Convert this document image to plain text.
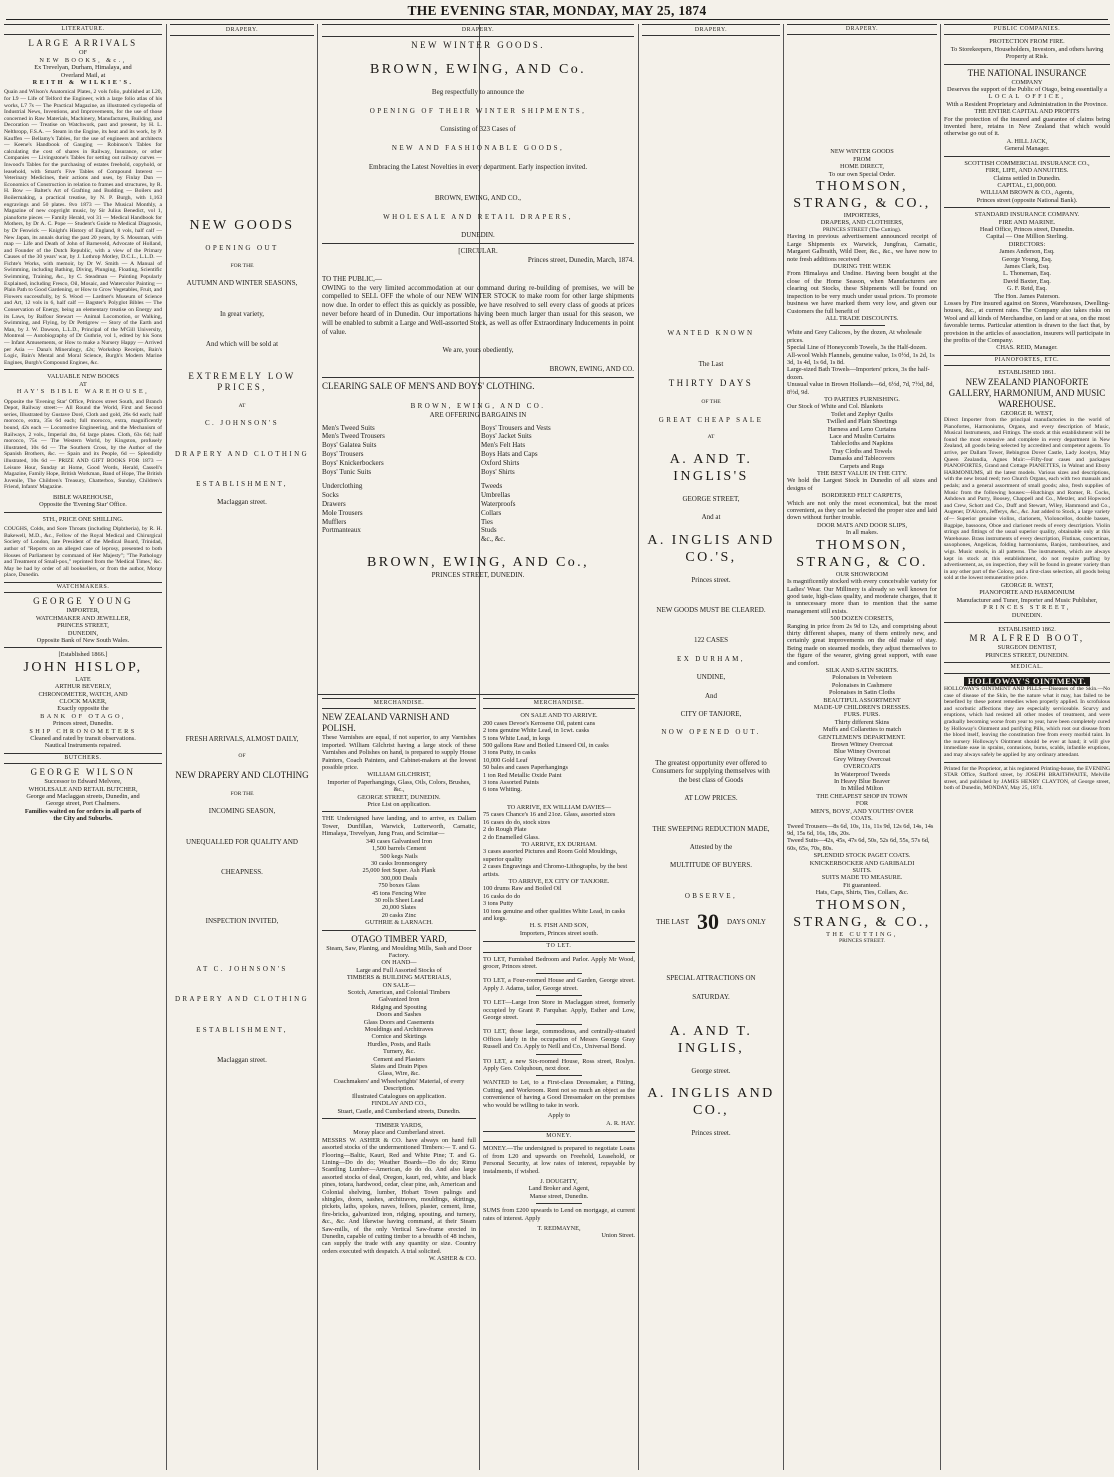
THE EVENING STAR, MONDAY, MAY 25, 1874
LITERATURE.
LARGE ARRIVALS
OF
NEW BOOKS, &c.,
Ex Trevelyan, Durham, Himalaya, and
Overland Mail, at
REITH & WILKIE'S.
Quain and Wilson's Anatomical Plates, 2 vols folio, published at L20, for L9 — Life of Telford the Engineer, with a large folio atlas of his works, L7 7s — The Practical Magazine, an illustrated cyclopedia of Industrial News, Inventions, and Improvements, for the use of those concerned in Raw Materials, Machinery, Manufactures, Building, and Decoration — Treatise on Watchwork, past and present, by H. L. Nelthropp, F.S.A. — Steam in the Engine, its heat and its work, by P. Kauffen — Bellamy's Tables, for the use of engineers and architects — Keene's Handbook of Gauging — Robinson's Tables for calculating the cost of shares in Railway, Insurance, or other Companies — Livingstone's Tables for setting out railway curves — Inwood's Tables for the purchasing of estates freehold, copyhold, or leasehold, with Smart's Five Tables of Compound Interest — Veterinary Medicines, their actions and uses, by Finlay Dun — Economics of Construction in relation to frames and structures, by R. H. Bow — Baltet's Art of Grafting and Budding — Boilers and Boilermaking, a practical treatise, by N. P. Burgh, with 1,163 engravings and 50 plates. 8vo 1873 — The Musical Monthly, a Magazine of new copyright music, by Sir Julius Benedict, vol 1, pianoforte pieces — Family Herald, vol 31 — Medical Handbook for Mothers, by Dr A. C. Pope — Student's Guide to Medical Diagnosis, by Dr Fenwick — Knight's History of England, 8 vols, half calf — New Japan, its annals during the past 20 years, by S. Mossman, with map — Life and Death of John of Barneveld, Advocate of Holland, and Founder of the Dutch Republic, with a view of the Primary Causes of the 30 years' war, by J. Lothrop Motley, D.C.L., L.L.D. — Fichte's Works, with memoir, by Dr W. Smith — A Manual of Swimming, including Bathing, Diving, Plunging, Floating, Scientific Swimming, Training, &c., by C. Steadman — Painting Popularly Explained, including Fresco, Oil, Mosaic, and Watercolor Painting — Plain Path to Good Gardening, or How to Grow Vegetables, Fruit, and Flowers successfully, by S. Wood — Lardner's Museum of Science and Art, 12 vols in 6, half calf — Bagster's Polyglot Bibles — The Conservation of Energy, being an elementary treatise on Energy and its Laws, by Balfour Stewart — Animal Locomotion, or Walking, Swimming, and Flying, by Dr Pettigrew — Story of the Earth and Man, by J. W. Dawson, L.L.D., Principal of the M'Gill University, Montreal — Autobiography of Dr Guthrie, vol 1, edited by his Sons — Infant Amusements, or How to make a Nursery Happy — Arrived per Asia — Dana's Mineralogy, 42s; Workshop Receipts, Bain's Logic, Bain's Mental and Moral Science, Burgh's Modern Marine Engines, Burgh's Compound Engines, &c.
VALUABLE NEW BOOKS
AT
HAY'S BIBLE WAREHOUSE,
Opposite the 'Evening Star' Office, Princes street South, and Branch Depot, Railway street:— All Round the World, First and Second series, Illustrated by Gustave Doré, Cloth and gold, 26s 6d each; half morocco, extra, 35s 6d each; full morocco, extra, magnificently bound, 42s each — Locomotive Engineering, and the Mechanism of Railways, 2 vols., Imperial 4to, 64 large plates. Cloth, 63s 6d; half morocco, 75s — The Western World, by Kingston, profusely illustrated, 10s 6d — The Southern Cross, by the Author of the Spanish Brothers, &c. — Spain and its People, 6d — Splendidly illustrated, 10s 6d — PRIZE AND GIFT BOOKS FOR 1873 — Leisure Hour, Sunday at Home, Good Words, Herald, Cassell's Magazine, Family Hope, British Workman, Band of Hope, The British Juvenile, The Children's Treasury, Chatterbox, Sunday, Children's Friend, Infants' Magazine.
BIBLE WAREHOUSE,
Opposite the 'Evening Star' Office.
5TH., PRICE ONE SHILLING.
COUGHS, Colds, and Sore Throats (including Diphtheria), by R. H. Bakewell, M.D., &c., Fellow of the Royal Medical and Chirurgical Society of London, late President of the Medical Board, Trinidad, author of "Reports on an alleged case of leprosy, presented to both Houses of Parliament by command of Her Majesty"; "The Pathology and Treatment of Small-pox," reprinted from the 'Medical Times,' &c. May be had by order of all booksellers, or from the author, Moray place, Dunedin.
WATCHMAKERS.
GEORGE YOUNG
IMPORTER,
WATCHMAKER AND JEWELLER,
PRINCES STREET,
DUNEDIN,
Opposite Bank of New South Wales.
[Established 1866.]
JOHN HISLOP,
LATE
ARTHUR BEVERLY,
CHRONOMETER, WATCH, AND
CLOCK MAKER,
Exactly opposite the
BANK OF OTAGO,
Princes street, Dunedin.
SHIP CHRONOMETERS
Cleaned and rated by transit observations.
Nautical Instruments repaired.
BUTCHERS.
GEORGE WILSON
Successor to Edward Melvore,
WHOLESALE AND RETAIL BUTCHER,
George and Maclaggan streets, Dunedin, and
George street, Port Chalmers.
Families waited on for orders in all parts of
the City and Suburbs.
DRAPERY.
NEW GOODS
OPENING OUT
FOR THE
AUTUMN AND WINTER SEASONS,
In great variety,
And which will be sold at
EXTREMELY LOW PRICES,
AT
C. JOHNSON'S
DRAPERY AND CLOTHING
ESTABLISHMENT,
Maclaggan street.
FRESH ARRIVALS, ALMOST DAILY,
OF
NEW DRAPERY AND CLOTHING
FOR THE
INCOMING SEASON,
UNEQUALLED FOR QUALITY AND
CHEAPNESS.
INSPECTION INVITED,
AT C. JOHNSON'S
DRAPERY AND CLOTHING
ESTABLISHMENT,
Maclaggan street.
DRAPERY.
NEW WINTER GOODS.
BROWN, EWING, AND Co.
Beg respectfully to announce the
OPENING OF THEIR WINTER SHIPMENTS,
Consisting of 323 Cases of
NEW AND FASHIONABLE GOODS,
Embracing the Latest Novelties in every department. Early inspection invited.
BROWN, EWING, AND CO.,
WHOLESALE AND RETAIL DRAPERS,
DUNEDIN.
[CIRCULAR.
Princes street, Dunedin, March, 1874.
TO THE PUBLIC,—
OWING to the very limited accommodation at our command during re-building of premises, we will be compelled to SELL OFF the whole of our NEW WINTER STOCK to make room for other large shipments now due. In order to effect this as quickly as possible, we have resolved to sell every class of goods at prices never before heard of in Dunedin. Our importations having been much larger than usual for this season, we will be enabled to submit a Large and Well-assorted Stock, as well as offer Extraordinary Inducements in point of value.
We are, yours obediently,
BROWN, EWING, AND CO.
CLEARING SALE OF MEN'S AND BOYS' CLOTHING.
BROWN, EWING, AND CO.
ARE OFFERING BARGAINS IN
Men's Tweed Suits
Men's Tweed Trousers
Boys' Galatea Suits
Boys' Trousers
Boys' Knickerbockers
Boys' Tunic Suits
Underclothing
Socks
Drawers
Mole Trousers
Mufflers
Portmanteaux
Boys' Trousers and Vests
Boys' Jacket Suits
Men's Felt Hats
Boys Hats and Caps
Oxford Shirts
Boys' Shirts
Tweeds
Umbrellas
Waterproofs
Collars
Ties
Studs
&c., &c.
BROWN, EWING, AND Co.,
PRINCES STREET, DUNEDIN.
MERCHANDISE.
NEW ZEALAND VARNISH AND POLISH.
These Varnishes are equal, if not superior, to any Varnishes imported. William Gilchrist having a large stock of these Varnishes and Polishes on hand, is prepared to supply House Painters, Coach Painters, and Cabinet-makers at the lowest possible price.
WILLIAM GILCHRIST,
Importer of Paperhangings, Glass, Oils, Colors, Brushes, &c.,
GEORGE STREET, DUNEDIN.
Price List on application.
THE Undersigned have landing, and to arrive, ex Dallam Tower, Dunfillan, Warwick, Lutterworth, Carnatic, Himalaya, Trevelyan, Jung Frau, and Scimitar—
340 cases Galvanised Iron
1,500 barrels Cement
500 kegs Nails
30 casks Ironmongery
25,000 feet Super. Ash Plank
300,000 Deals
750 boxes Glass
45 tons Fencing Wire
30 rolls Sheet Lead
20,000 Slates
20 casks Zinc
GUTHRIE & LARNACH.
OTAGO TIMBER YARD,
Steam, Saw, Planing, and Moulding Mills, Sash and Door Factory.
ON HAND—
Large and Full Assorted Stocks of
TIMBERS & BUILDING MATERIALS,
ON SALE—
Scotch, American, and Colonial Timbers
Galvanized Iron
Ridging and Spouting
Doors and Sashes
Glass Doors and Casements
Mouldings and Architraves
Cornice and Skirtings
Hurdles, Posts, and Rails
Turnery, &c.
Cement and Plasters
Slates and Drain Pipes
Glass, Wire, &c.
Coachmakers' and Wheelwrights' Material, of every Description.
Illustrated Catalogues on application.
FINDLAY AND CO.,
Stuart, Castle, and Cumberland streets, Dunedin.
TIMBER YARDS,
Moray place and Cumberland street.
MESSRS W. ASHER & CO. have always on hand full assorted stocks of the undermentioned Timbers:— T. and G. Flooring—Baltic, Kauri, Red and White Pine; T. and G. Lining—Do do do; Weather Boards—Do do do; Rimu Scantling Lumber—American, do do do. And also large assorted stocks of deal, Oregon, kauri, red, white, and black pines, totara, hardwood, cedar, clear pine, ash, American and Colonial shelving, lumber, Hobart Town palings and shingles, doors, sashes, architraves, mouldings, skirtings, pickets, laths, spokes, naves, felloes, plaster, cement, lime, fire-bricks, galvanized iron, ridging, spouting, and turnery, &c., &c. And likewise having command, at their Steam Saw-mills, of the only Vertical Saw-frame erected in Dunedin, capable of cutting timber to a breadth of 48 inches, can supply the trade with any quantity or size. Country orders executed with despatch. A trial solicited.
W. ASHER & CO.
MERCHANDISE.
ON SALE AND TO ARRIVE.
200 cases Devoe's Kerosene Oil, patent cans
2 tons genuine White Lead, in 1cwt. casks
5 tons White Lead, in kegs
500 gallons Raw and Boiled Linseed Oil, in casks
3 tons Putty, in casks
10,000 Gold Leaf
50 bales and cases Paperhangings
1 ton Red Metallic Oxide Paint
3 tons Assorted Paints
6 tons Whiting.
TO ARRIVE, EX WILLIAM DAVIES—
75 cases Chance's 16 and 21oz. Glass, assorted sizes
16 cases do do, stock sizes
2 do Rough Plate
2 do Enamelled Glass.
TO ARRIVE, EX DURHAM.
3 cases assorted Pictures and Room Gold Mouldings, superior quality
2 cases Engravings and Chromo-Lithographs, by the best artists.
TO ARRIVE, EX CITY OF TANJORE.
100 drums Raw and Boiled Oil
16 casks do do
3 tons Putty
10 tons genuine and other qualities White Lead, in casks and kegs.
H. S. FISH AND SON,
Importers, Princes street south.
TO LET.
TO LET, Furnished Bedroom and Parlor. Apply Mr Wood, grocer, Princes street.
TO LET, a Four-roomed House and Garden, George street. Apply J. Adams, tailor, George street.
TO LET—Large Iron Store in Maclaggan street, formerly occupied by Grant P. Farquhar. Apply, Esther and Low, George street.
TO LET, those large, commodious, and centrally-situated Offices lately in the occupation of Messrs George Gray Russell and Co. Apply to Neill and Co., Universal Bond.
TO LET, a new Six-roomed House, Ross street, Roslyn. Apply Geo. Colquhoun, next door.
WANTED to Let, to a First-class Dressmaker, a Fitting, Cutting, and Workroom. Rent not so much an object as the convenience of having a Good Dressmaker on the premises who would be willing to take in work.
Apply to
A. R. HAY.
MONEY.
MONEY.—The undersigned is prepared to negotiate Loans of from L20 and upwards on Freehold, Leasehold, or Personal Security, at low rates of interest, repayable by instalments, if wished.
J. DOUGHTY,
Land Broker and Agent,
Manse street, Dunedin.
SUMS from £200 upwards to Lend on mortgage, at current rates of interest. Apply
T. REDMAYNE,
Union Street.
DRAPERY.
WANTED KNOWN
The Last
THIRTY DAYS
OF THE
GREAT CHEAP SALE
AT
A. AND T. INGLIS'S
GEORGE STREET,
And at
A. INGLIS AND CO.'S,
Princes street.
NEW GOODS MUST BE CLEARED.
122 CASES
EX DURHAM,
UNDINE,
And
CITY OF TANJORE,
NOW OPENED OUT.
The greatest opportunity ever offered to
Consumers for supplying themselves with
the best class of Goods
AT LOW PRICES.
THE SWEEPING REDUCTION MADE,
Attested by the
MULTITUDE OF BUYERS.
OBSERVE,
THE LAST 30 DAYS ONLY
SPECIAL ATTRACTIONS ON
SATURDAY.
A. AND T. INGLIS,
George street.
A. INGLIS AND CO.,
Princes street.
DRAPERY.
NEW WINTER GOODS
FROM
HOME DIRECT,
To our own Special Order.
THOMSON, STRANG, & CO.,
IMPORTERS,
DRAPERS, AND CLOTHIERS,
PRINCES STREET (The Cutting).
Having in previous advertisement announced receipt of Large Shipments ex Warwick, Jungfrau, Carnatic, Margaret Galbraith, Wild Deer, &c., &c., we have now to note fresh additions received
DURING THE WEEK
From Himalaya and Undine. Having been bought at the close of the Home Season, when Manufacturers are clearing out Stocks, these Shipments will be found on inspection to be very much under usual prices. To promote business we have marked them very low, and given our Customers the full benefit of
ALL TRADE DISCOUNTS.
White and Grey Calicoes, by the dozen, At wholesale prices.
Special Line of Honeycomb Towels, 3s the Half-dozen.
All-wool Welsh Flannels, genuine value, 1s 0½d, 1s 2d, 1s 3d, 1s 4d, 1s 6d, 1s 8d.
Large-sized Bath Towels—Importers' prices, 3s the half-dozen.
Unusual value in Brown Hollands—6d, 6½d, 7d, 7½d, 8d, 8½d, 9d.
TO PARTIES FURNISHING.
Our Stock of White and Col. Blankets
Toilet and Zephyr Quilts
Twilled and Plain Sheetings
Harness and Leno Curtains
Lace and Muslin Curtains
Tablecloths and Napkins
Tray Cloths and Towels
Damasks and Tablecovers
Carpets and Rugs
THE BEST VALUE IN THE CITY.
We hold the Largest Stock in Dunedin of all sizes and designs of
BORDERED FELT CARPETS,
Which are not only the most economical, but the most convenient, as they can be selected the proper size and laid down without further trouble.
DOOR MATS AND DOOR SLIPS,
In all makes.
THOMSON, STRANG, & CO.
OUR SHOWROOM
Is magnificently stocked with every conceivable variety for Ladies' Wear. Our Millinery is already so well known for good taste, high-class quality, and moderate charges, that it is unnecessary more than to mention that the same management still exists.
500 DOZEN CORSETS,
Ranging in price from 2s 9d to 12s, and comprising about thirty different shapes, many of them entirely new, and certainly great improvements on the old make of stay. Being made on steamed models, they adjust themselves to the figure of the wearer, giving great support, with ease and comfort.
SILK AND SATIN SKIRTS.
Polonaises in Velveteen
Polonaises in Cashmere
Polonaises in Satin Cloths
BEAUTIFUL ASSORTMENT
MADE-UP CHILDREN'S DRESSES.
FURS. FURS.
Thirty different Skins
Muffs and Collarettes to match
GENTLEMEN'S DEPARTMENT.
Brown Witney Overcoat
Blue Witney Overcoat
Grey Witney Overcoat
OVERCOATS
In Waterproof Tweeds
In Heavy Blue Beaver
In Milled Milton
THE CHEAPEST SHOP IN TOWN
FOR
MEN'S, BOYS', AND YOUTHS' OVER
COATS.
Tweed Trousers—8s 6d, 10s, 11s, 11s 9d, 12s 6d, 14s, 14s 9d, 15s 6d, 16s, 18s, 20s.
Tweed Suits—42s, 45s, 47s 6d, 50s, 52s 6d, 55s, 57s 6d, 60s, 65s, 70s, 80s.
SPLENDID STOCK PAGET COATS.
KNICKERBOCKER AND GARIBALDI
SUITS.
SUITS MADE TO MEASURE.
Fit guaranteed.
Hats, Caps, Shirts, Ties, Collars, &c.
THOMSON, STRANG, & CO.,
THE CUTTING,
PRINCES STREET.
PUBLIC COMPANIES.
PROTECTION FROM FIRE.
To Storekeepers, Householders, Investors, and others having Property at Risk.
THE NATIONAL INSURANCE
COMPANY
Deserves the support of the Public of Otago, being essentially a
LOCAL OFFICE,
With a Resident Proprietary and Administration in the Province.
THE ENTIRE CAPITAL AND PROFITS
For the protection of the insured and guarantee of claims being invented here, retains in New Zealand that which would otherwise go out of it.
A. HILL JACK,
General Manager.
SCOTTISH COMMERCIAL INSURANCE CO.,
FIRE, LIFE, AND ANNUITIES.
Claims settled in Dunedin.
CAPITAL, £1,000,000.
WILLIAM BROWN & CO., Agents,
Princes street (opposite National Bank).
STANDARD INSURANCE COMPANY.
FIRE AND MARINE.
Head Office, Princes street, Dunedin.
Capital — One Million Sterling.
DIRECTORS:
James Anderson, Esq.
George Young, Esq.
James Clark, Esq.
L. Thoneman, Esq.
David Baxter, Esq.
G. F. Reid, Esq.
The Hon. James Paterson.
Losses by Fire insured against on Stores, Warehouses, Dwelling-houses, &c., at current rates. The Company also takes risks on Wool and all kinds of Merchandise, on land or at sea, on the most favorable terms. Particular attention is drawn to the fact that, by provision in the articles of association, insurers will participate in the profits of the Company.
CHAS. REID, Manager.
PIANOFORTES, ETC.
ESTABLISHED 1861.
NEW ZEALAND PIANOFORTE GALLERY, HARMONIUM, AND MUSIC WAREHOUSE.
GEORGE R. WEST,
Direct Importer from the principal manufactories in the world of Pianofortes, Harmoniums, Organs, and every description of Music, Musical Instruments, and Fittings. The stock at this establishment will be found the most extensive and complete in every department in New Zealand, all goods being selected by accredited and competent agents. To arrive, per Dallam Tower, Bebington Dover Castle, Lady Jocelyn, May Queen Zealandia, Agnes Muir:—Fifty-four cases and packages PIANOFORTES, Grand and Cottage PIANETTES, in Walnut and Ebony HARMONIUMS, all the latest models. Various sizes and descriptions, with the new broad reed; two Church Organs, each with two manuals and pedals; and a general assortment of small goods; also, fresh supplies of Music from the following houses:—Hutchings and Romer, R. Cocks, Ashdown and Parry, Boosey, Chappell and Co., Metzler, and Hopwood and Crew, Schott and Co., Duff and Stewart, Wiley, Hammond and Co., Augener, D'Alcorn, Jefferys, &c., &c. Just added to Stock, a large variety of— Superior genuine violins, clarionets, Violoncellos, double basses, Bagpipe, bassoons, Oboe and clarionet reeds of every description. Violin strings and fittings of the usual superior quality, obtainable only at this Warehouse. Brass instruments of every description, Flutinas, concertinas, saxophones, Angelicas, folding harmoniums, Banjos, tambourines, and wigs. Music stools, in all patterns. The instruments, which are always kept in stock at this establishment, do not require puffing by advertisement, as, on inspection, they will be found in greater variety than in any other part of the Colony, and a first-class selection, all goods being sold at the lowest remunerative price.
GEORGE R. WEST,
PIANOFORTE AND HARMONIUM
Manufacturer and Tuner, Importer and Music Publisher,
PRINCES STREET,
DUNEDIN.
ESTABLISHED 1862.
MR ALFRED BOOT,
SURGEON DENTIST,
PRINCES STREET, DUNEDIN.
MEDICAL.
HOLLOWAY'S OINTMENT.
HOLLOWAY'S OINTMENT AND PILLS.—Diseases of the Skin.—No case of disease of the Skin, be the nature what it may, has failed to be benefited by these potent remedies when properly applied. In scrofulous and scorbutic affections they are especially serviceable. Scurvy and eruptions, which had resisted all other modes of treatment, and were gradually becoming worse from year to year, have been completely cured by Holloway's Ointment and purifying Pills, which root out disease from the blood itself, leaving the constitution free from every morbid taint. In the nursery Holloway's Ointment should be ever at hand; it will give immediate ease in sprains, contusions, burns, scalds, infantile eruptions, and may always safely be applied by any ordinary attendant.
Printed for the Proprietor, at his registered Printing-house, the EVENING STAR Office, Stafford street, by JOSEPH BRAITHWAITE, Melville street, and published by JAMES HENRY CLAYTON, of George street, both of Dunedin, MONDAY, May 25, 1874.
